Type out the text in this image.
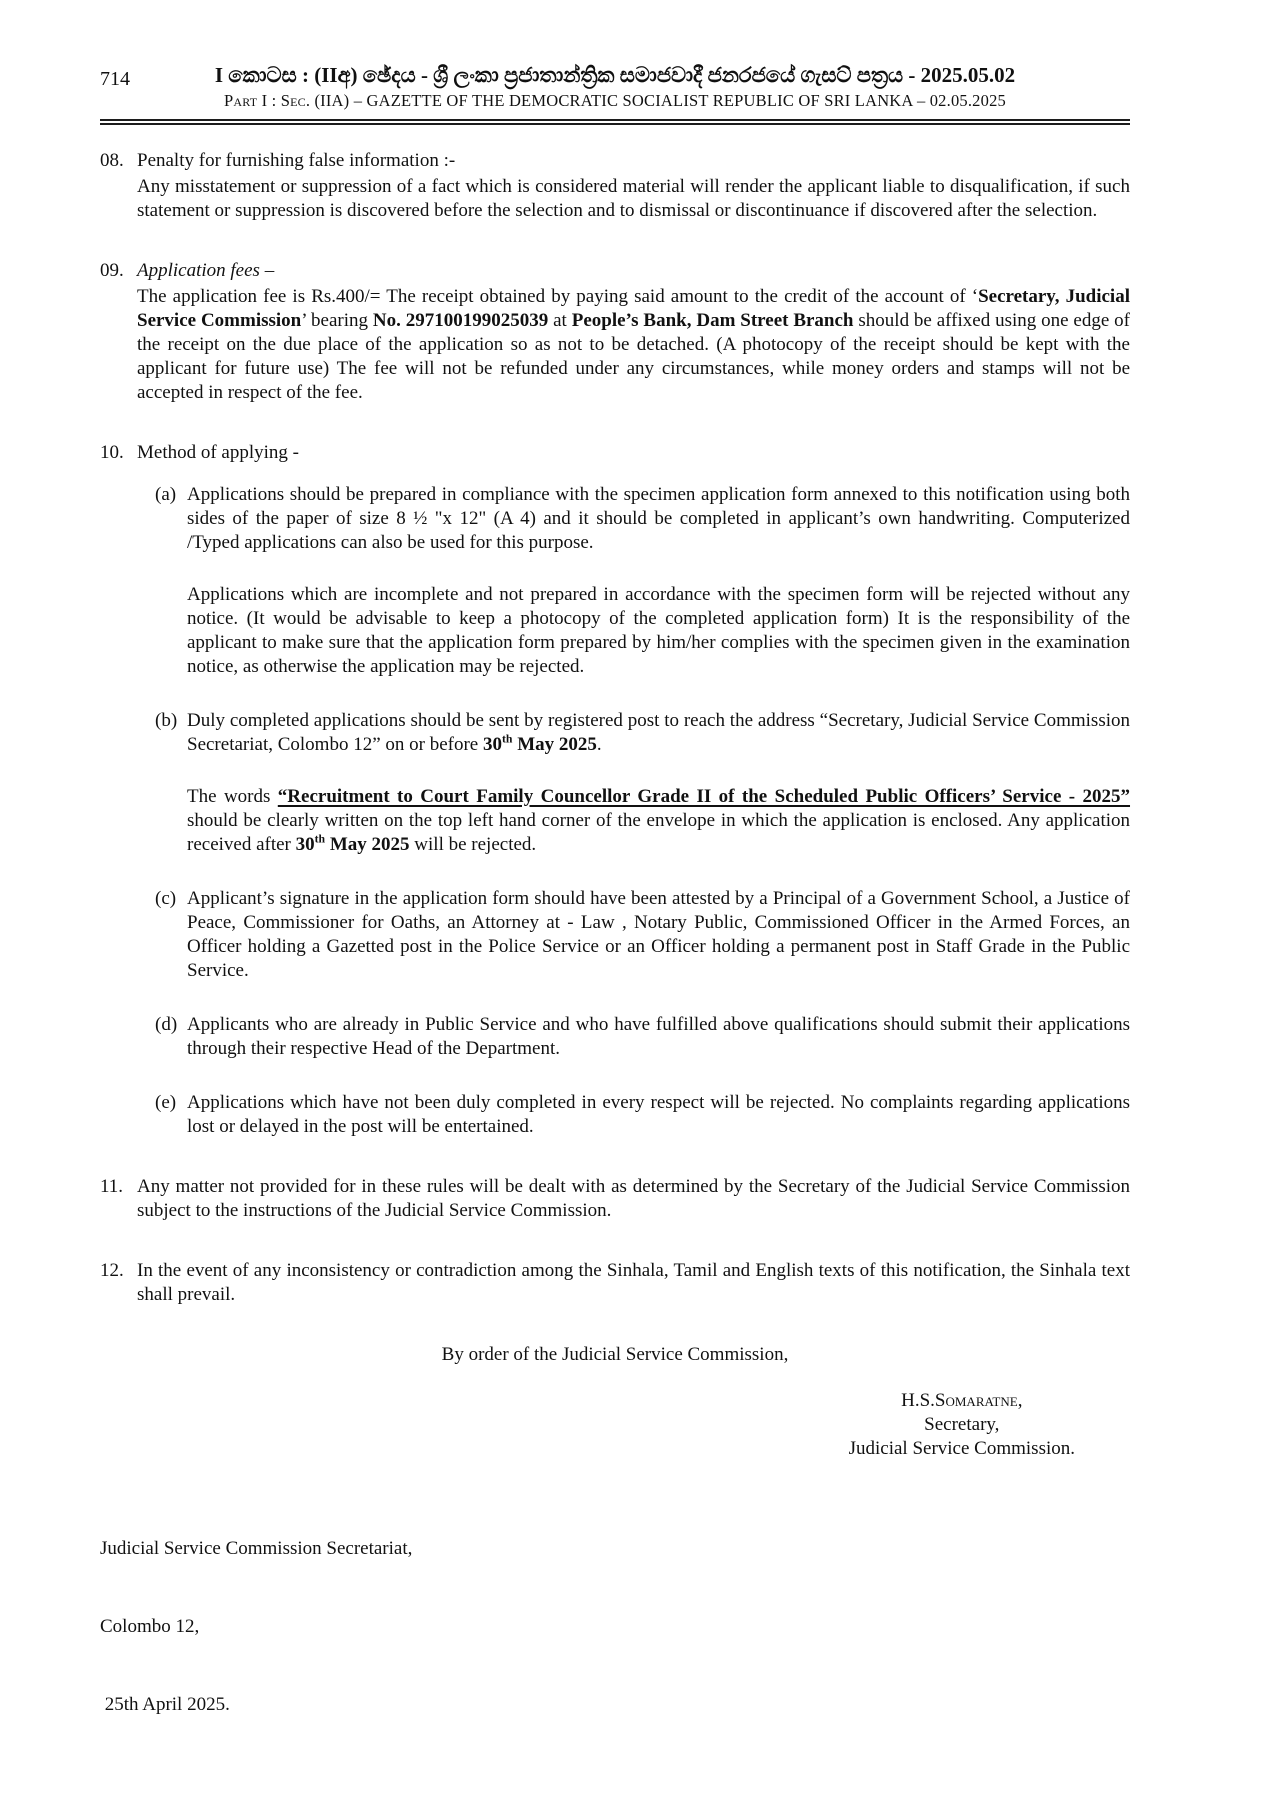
714	I කොටස : (IIඅ) ඡේදය - ශ්‍රී ලංකා ප්‍රජාතාන්ත්‍රික සමාජවාදී ජනරජයේ ගැසට් පත්‍රය - 2025.05.02
Part I : Sec. (IIA) – GAZETTE OF THE DEMOCRATIC SOCIALIST REPUBLIC OF SRI LANKA – 02.05.2025
08. Penalty for furnishing false information :-

Any misstatement or suppression of a fact which is considered material will render the applicant liable to disqualification, if such statement or suppression is discovered before the selection and to dismissal or discontinuance if discovered after the selection.

09. Application fees –

The application fee is Rs.400/= The receipt obtained by paying said amount to the credit of the account of ‘Secretary, Judicial Service Commission’ bearing No. 297100199025039 at People’s Bank, Dam Street Branch should be affixed using one edge of the receipt on the due place of the application so as not to be detached. (A photocopy of the receipt should be kept with the applicant for future use) The fee will not be refunded under any circumstances, while money orders and stamps will not be accepted in respect of the fee.

10. Method of applying -
(a) Applications should be prepared in compliance with the specimen application form annexed to this notification using both sides of the paper of size 8 ½ "x 12" (A 4) and it should be completed in applicant’s own handwriting. Computerized /Typed applications can also be used for this purpose.

Applications which are incomplete and not prepared in accordance with the specimen form will be rejected without any notice. (It would be advisable to keep a photocopy of the completed application form) It is the responsibility of the applicant to make sure that the application form prepared by him/her complies with the specimen given in the examination notice, as otherwise the application may be rejected.

(b) Duly completed applications should be sent by registered post to reach the address “Secretary, Judicial Service Commission Secretariat, Colombo 12” on or before 30th May 2025.

The words “Recruitment to Court Family Councellor Grade II of the Scheduled Public Officers’ Service - 2025” should be clearly written on the top left hand corner of the envelope in which the application is enclosed. Any application received after 30th May 2025 will be rejected.

(c) Applicant’s signature in the application form should have been attested by a Principal of a Government School, a Justice of Peace, Commissioner for Oaths, an Attorney at - Law , Notary Public, Commissioned Officer in the Armed Forces, an Officer holding a Gazetted post in the Police Service or an Officer holding a permanent post in Staff Grade in the Public Service.

(d) Applicants who are already in Public Service and who have fulfilled above qualifications should submit their applications through their respective Head of the Department.

(e) Applications which have not been duly completed in every respect will be rejected. No complaints regarding applications lost or delayed in the post will be entertained.

11. Any matter not provided for in these rules will be dealt with as determined by the Secretary of the Judicial Service Commission subject to the instructions of the Judicial Service Commission.

12. In the event of any inconsistency or contradiction among the Sinhala, Tamil and English texts of this notification, the Sinhala text shall prevail.

By order of the Judicial Service Commission,
H.S.Somaratne,
Secretary,
Judicial Service Commission.

Judicial Service Commission Secretariat,

Colombo 12,

25th April 2025.
